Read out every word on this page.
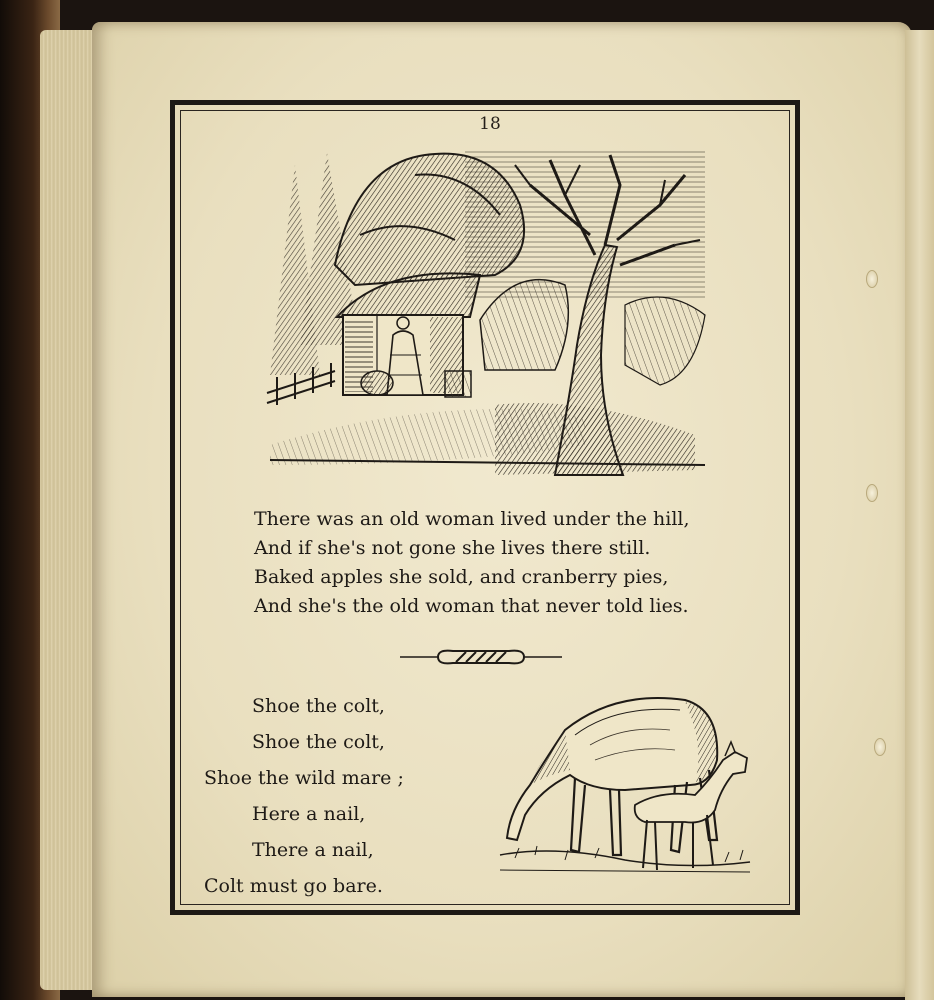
18
There was an old woman lived under the hill,
And if she's not gone she lives there still.
Baked apples she sold, and cranberry pies,
And she's the old woman that never told lies.
Shoe the colt,
Shoe the colt,
Shoe the wild mare ;
Here a nail,
There a nail,
Colt must go bare.
